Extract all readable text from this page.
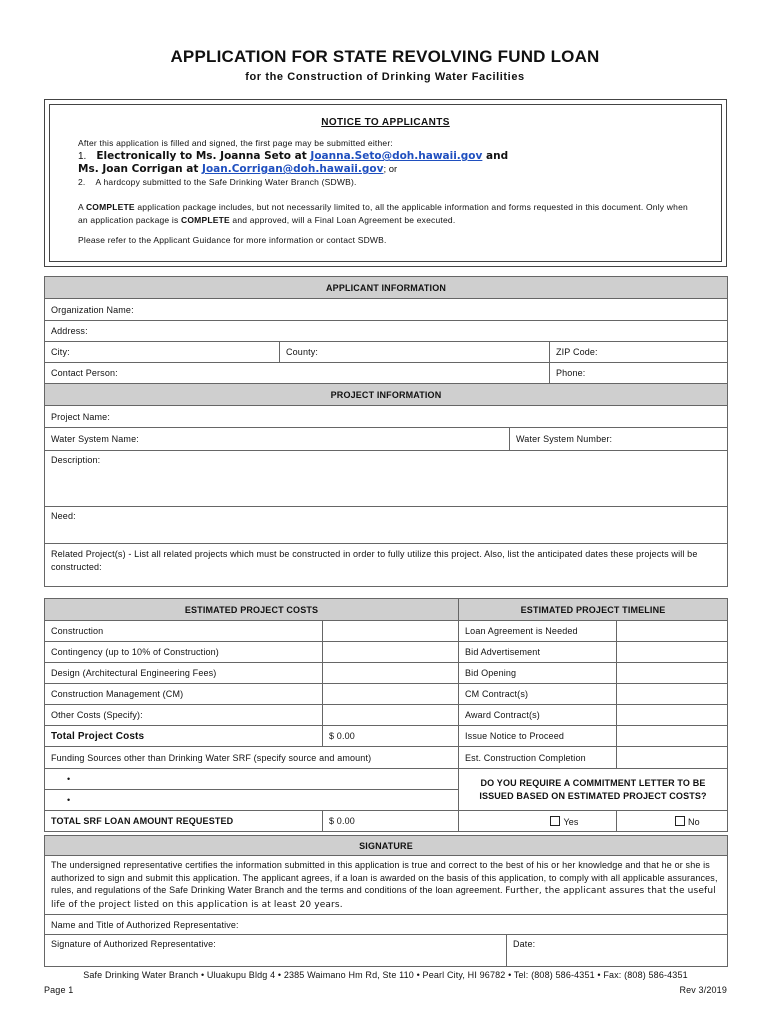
APPLICATION FOR STATE REVOLVING FUND LOAN
for the Construction of Drinking Water Facilities
NOTICE TO APPLICANTS
After this application is filled and signed, the first page may be submitted either:
1. Electronically to Ms. Joanna Seto at Joanna.Seto@doh.hawaii.gov and
Ms. Joan Corrigan at Joan.Corrigan@doh.hawaii.gov; or
2. A hardcopy submitted to the Safe Drinking Water Branch (SDWB).
A COMPLETE application package includes, but not necessarily limited to, all the applicable information and forms requested in this document. Only when an application package is COMPLETE and approved, will a Final Loan Agreement be executed.
Please refer to the Applicant Guidance for more information or contact SDWB.
APPLICANT INFORMATION			
Organization Name:			
Address:			
City:	County:		ZIP Code:
Contact Person:			Phone:
PROJECT INFORMATION			
Project Name:			
Water System Name:		Water System Number:	
Description:			
Need:			
Related Project(s) - List all related projects which must be constructed in order to fully utilize this project. Also, list the anticipated dates these projects will be constructed:			
ESTIMATED PROJECT COSTS		ESTIMATED PROJECT TIMELINE	
Construction		Loan Agreement is Needed	
Contingency (up to 10% of Construction)		Bid Advertisement	
Design (Architectural Engineering Fees)		Bid Opening	
Construction Management (CM)		CM Contract(s)	
Other Costs (Specify):		Award Contract(s)	
Total Project Costs	$ 0.00	Issue Notice to Proceed	
Funding Sources other than Drinking Water SRF (specify source and amount)		Est. Construction Completion	
•		DO YOU REQUIRE A COMMITMENT LETTER TO BE ISSUED BASED ON ESTIMATED PROJECT COSTS?	
•			
TOTAL SRF LOAN AMOUNT REQUESTED	$ 0.00	Yes	No
SIGNATURE
The undersigned representative certifies the information submitted in this application is true and correct to the best of his or her knowledge and that he or she is authorized to sign and submit this application. The applicant agrees, if a loan is awarded on the basis of this application, to comply with all applicable assurances, rules, and regulations of the Safe Drinking Water Branch and the terms and conditions of the loan agreement. Further, the applicant assures that the useful life of the project listed on this application is at least 20 years.
Name and Title of Authorized Representative:
Signature of Authorized Representative:	Date:
Safe Drinking Water Branch • Uluakupu Bldg 4 • 2385 Waimano Hm Rd, Ste 110 • Pearl City, HI 96782 • Tel: (808) 586-4351 • Fax: (808) 586-4351
Page 1	Rev 3/2019
